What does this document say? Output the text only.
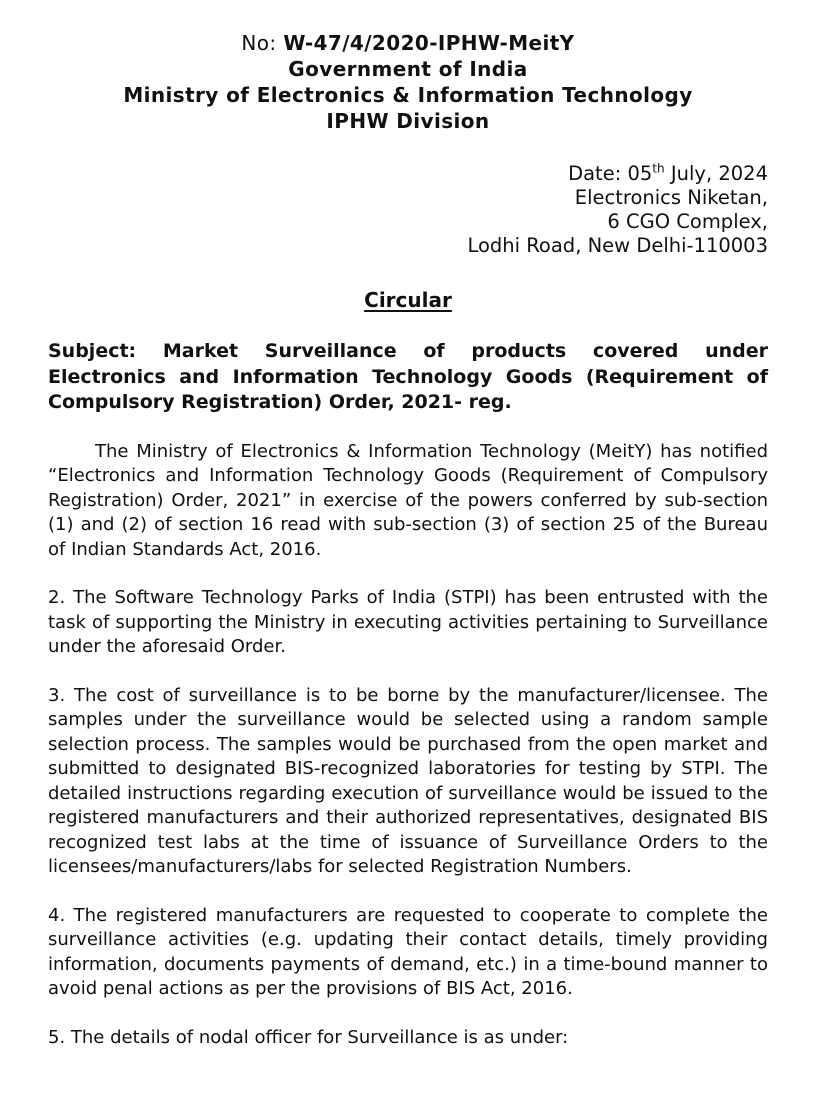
No: W-47/4/2020-IPHW-MeitY
Government of India
Ministry of Electronics & Information Technology
IPHW Division
Date: 05th July, 2024
Electronics Niketan,
6 CGO Complex,
Lodhi Road, New Delhi-110003
Circular

Subject: Market Surveillance of products covered under Electronics and Information Technology Goods (Requirement of Compulsory Registration) Order, 2021- reg.

The Ministry of Electronics & Information Technology (MeitY) has notified “Electronics and Information Technology Goods (Requirement of Compulsory Registration) Order, 2021” in exercise of the powers conferred by sub-section (1) and (2) of section 16 read with sub-section (3) of section 25 of the Bureau of Indian Standards Act, 2016.

2. The Software Technology Parks of India (STPI) has been entrusted with the task of supporting the Ministry in executing activities pertaining to Surveillance under the aforesaid Order.

3. The cost of surveillance is to be borne by the manufacturer/licensee. The samples under the surveillance would be selected using a random sample selection process. The samples would be purchased from the open market and submitted to designated BIS-recognized laboratories for testing by STPI. The detailed instructions regarding execution of surveillance would be issued to the registered manufacturers and their authorized representatives, designated BIS recognized test labs at the time of issuance of Surveillance Orders to the licensees/manufacturers/labs for selected Registration Numbers.

4. The registered manufacturers are requested to cooperate to complete the surveillance activities (e.g. updating their contact details, timely providing information, documents payments of demand, etc.) in a time-bound manner to avoid penal actions as per the provisions of BIS Act, 2016.

5. The details of nodal officer for Surveillance is as under:
